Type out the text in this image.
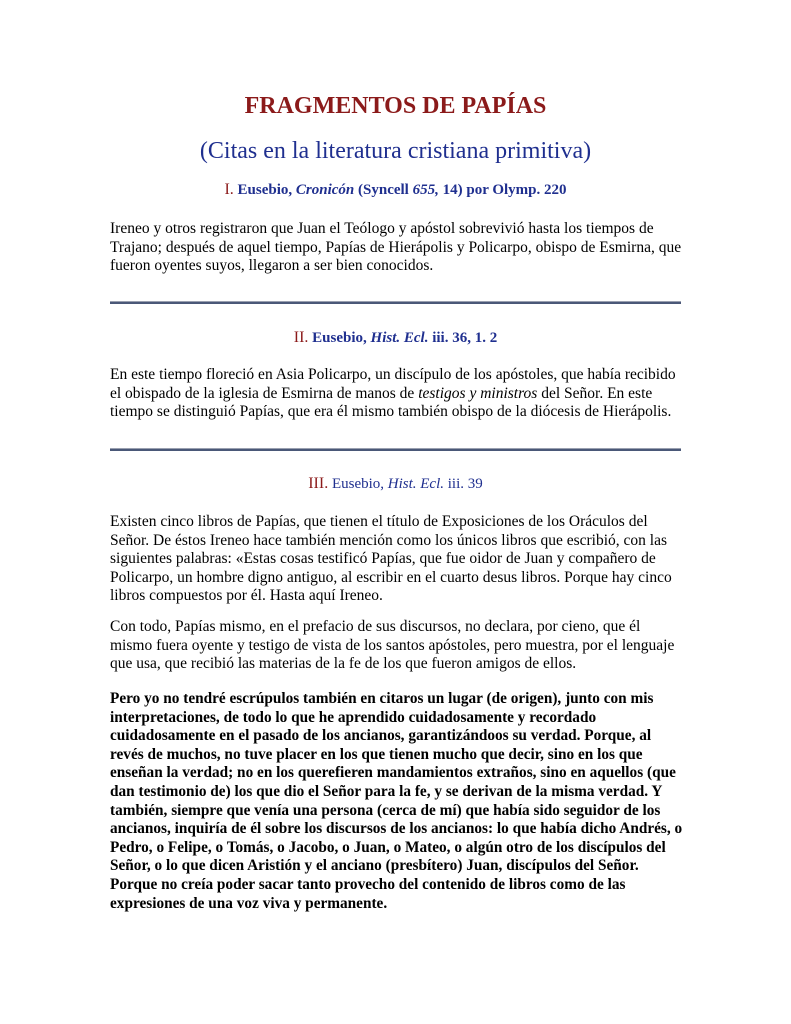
FRAGMENTOS DE PAPÍAS
(Citas en la literatura cristiana primitiva)
I. Eusebio, Cronicón (Syncell 655, 14) por Olymp. 220

Ireneo y otros registraron que Juan el Teólogo y apóstol sobrevivió hasta los tiempos de Trajano; después de aquel tiempo, Papías de Hierápolis y Policarpo, obispo de Esmirna, que fueron oyentes suyos, llegaron a ser bien conocidos.

II. Eusebio, Hist. Ecl. iii. 36, 1. 2

En este tiempo floreció en Asia Policarpo, un discípulo de los apóstoles, que había recibido el obispado de la iglesia de Esmirna de manos de testigos y ministros del Señor. En este tiempo se distinguió Papías, que era él mismo también obispo de la diócesis de Hierápolis.

III. Eusebio, Hist. Ecl. iii. 39

Existen cinco libros de Papías, que tienen el título de Exposiciones de los Oráculos del Señor. De éstos Ireneo hace también mención como los únicos libros que escribió, con las siguientes palabras: «Estas cosas testificó Papías, que fue oidor de Juan y compañero de Policarpo, un hombre digno antiguo, al escribir en el cuarto desus libros. Porque hay cinco libros compuestos por él. Hasta aquí Ireneo.

Con todo, Papías mismo, en el prefacio de sus discursos, no declara, por cieno, que él mismo fuera oyente y testigo de vista de los santos apóstoles, pero muestra, por el lenguaje que usa, que recibió las materias de la fe de los que fueron amigos de ellos.

Pero yo no tendré escrúpulos también en citaros un lugar (de origen), junto con mis interpretaciones, de todo lo que he aprendido cuidadosamente y recordado cuidadosamente en el pasado de los ancianos, garantizándoos su verdad. Porque, al revés de muchos, no tuve placer en los que tienen mucho que decir, sino en los que enseñan la verdad; no en los querefieren mandamientos extraños, sino en aquellos (que dan testimonio de) los que dio el Señor para la fe, y se derivan de la misma verdad. Y también, siempre que venía una persona (cerca de mí) que había sido seguidor de los ancianos, inquiría de él sobre los discursos de los ancianos: lo que había dicho Andrés, o Pedro, o Felipe, o Tomás, o Jacobo, o Juan, o Mateo, o algún otro de los discípulos del Señor, o lo que dicen Aristión y el anciano (presbítero) Juan, discípulos del Señor. Porque no creía poder sacar tanto provecho del contenido de libros como de las expresiones de una voz viva y permanente.
